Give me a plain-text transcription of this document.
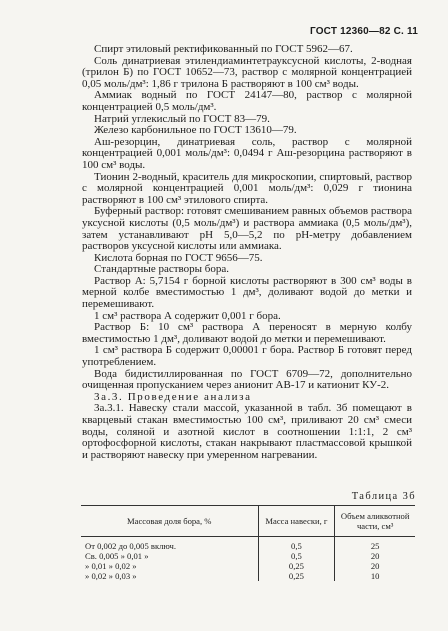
ГОСТ 12360—82 С. 11

Спирт этиловый ректификованный по ГОСТ 5962—67.

Соль динатриевая этилендиаминтетрауксусной кислоты, 2-водная (трилон Б) по ГОСТ 10652—73, раствор с молярной концентрацией 0,05 моль/дм³: 1,86 г трилона Б растворяют в 100 см³ воды.

Аммиак водный по ГОСТ 24147—80, раствор с молярной концентрацией 0,5 моль/дм³.

Натрий углекислый по ГОСТ 83—79.

Железо карбонильное по ГОСТ 13610—79.

Аш-резорцин, динатриевая соль, раствор с молярной концентрацией 0,001 моль/дм³: 0,0494 г Аш-резорцина растворяют в 100 см³ воды.

Тионин 2-водный, краситель для микроскопии, спиртовый, раствор с молярной концентрацией 0,001 моль/дм³: 0,029 г тионина растворяют в 100 см³ этилового спирта.

Буферный раствор: готовят смешиванием равных объемов раствора уксусной кислоты (0,5 моль/дм³) и раствора аммиака (0,5 моль/дм³), затем устанавливают pH 5,0—5,2 по pH-метру добавлением растворов уксусной кислоты или аммиака.

Кислота борная по ГОСТ 9656—75.

Стандартные растворы бора.

Раствор А: 5,7154 г борной кислоты растворяют в 300 см³ воды в мерной колбе вместимостью 1 дм³, доливают водой до метки и перемешивают.

1 см³ раствора А содержит 0,001 г бора.

Раствор Б: 10 см³ раствора А переносят в мерную колбу вместимостью 1 дм³, доливают водой до метки и перемешивают.

1 см³ раствора Б содержит 0,00001 г бора. Раствор Б готовят перед употреблением.

Вода бидистиллированная по ГОСТ 6709—72, дополнительно очищенная пропусканием через анионит АВ-17 и катионит КУ-2.

3а.3. Проведение анализа

3а.3.1. Навеску стали массой, указанной в табл. 3б помещают в кварцевый стакан вместимостью 100 см³, приливают 20 см³ смеси воды, соляной и азотной кислот в соотношении 1:1:1, 2 см³ ортофосфорной кислоты, стакан накрывают пластмассовой крышкой и растворяют навеску при умеренном нагревании.

Таблица 3б
Массовая доля бора, %	Масса навески, г	Объем аликвотной части, см³
От 0,002 до 0,005 включ.	0,5	25
Св. 0,005 » 0,01 »	0,5	20
» 0,01 » 0,02 »	0,25	20
» 0,02 » 0,03 »	0,25	10
